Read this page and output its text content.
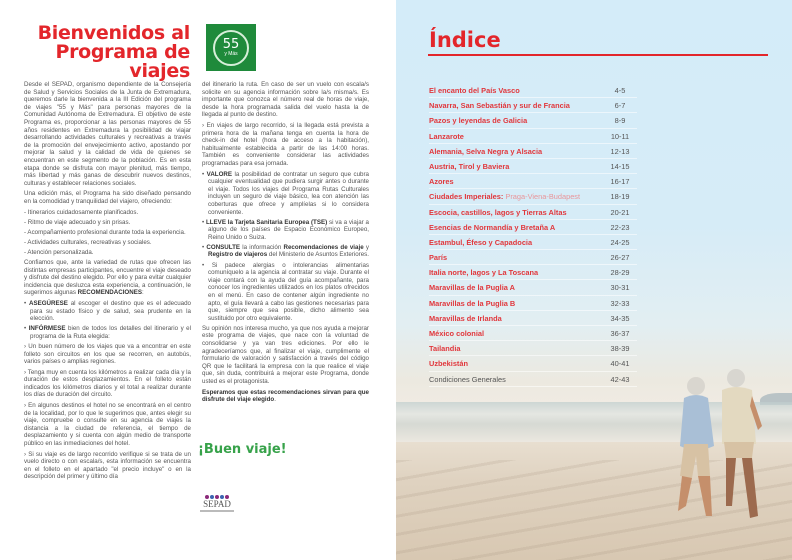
Bienvenidos al
Programa de
viajes
55
y Más

Desde el SEPAD, organismo dependiente de la Consejería de Salud y Servicios Sociales de la Junta de Extremadura, queremos darle la bienvenida a la III Edición del programa de viajes "55 y Más" para personas mayores de la Comunidad Autónoma de Extremadura. El objetivo de este Programa es, proporcionar a las personas mayores de 55 años residentes en Extremadura la posibilidad de viajar desarrollando actividades culturales y recreativas a través de la promoción del envejecimiento activo, apostando por mejorar la salud y la calidad de vida de quienes se encuentran en este segmento de la población. Es en esta etapa donde se disfruta con mayor plenitud, más tiempo, más libertad y más ganas de descubrir nuevos destinos, culturas y establecer relaciones sociales.

Una edición más, el Programa ha sido diseñado pensando en la comodidad y tranquilidad del viajero, ofreciendo:

- Itinerarios cuidadosamente planificados.
- Ritmo de viaje adecuado y sin prisas.
- Acompañamiento profesional durante toda la experiencia.
- Actividades culturales, recreativas y sociales.
- Atención personalizada.

Confiamos que, ante la variedad de rutas que ofrecen las distintas empresas participantes, encuentre el viaje deseado y disfrute del destino elegido. Por ello y para evitar cualquier incidencia que desluzca esta experiencia, a continuación, le sugerimos algunas RECOMENDACIONES:

• ASEGÚRESE al escoger el destino que es el adecuado para su estado físico y de salud, sea prudente en la elección.
• INFÓRMESE bien de todos los detalles del itinerario y el programa de la Ruta elegida:

› Un buen número de los viajes que va a encontrar en este folleto son circuitos en los que se recorren, en autobús, varios países o amplias regiones.

› Tenga muy en cuenta los kilómetros a realizar cada día y la duración de estos desplazamientos. En el folleto están indicados los kilómetros diarios y el total a realizar durante los días de duración del circuito.

› En algunos destinos el hotel no se encontrará en el centro de la localidad, por lo que le sugerimos que, antes elegir su viaje, compruebe o consulte en su agencia de viajes la distancia a la ciudad de referencia, el tiempo de desplazamiento y si cuenta con algún medio de transporte público en las inmediaciones del hotel.

› Si su viaje es de largo recorrido verifique si se trata de un vuelo directo o con escala/s, esta información se encuentra en el folleto en el apartado "el precio incluye" o en la descripción del primer y último día

del itinerario la ruta. En caso de ser un vuelo con escala/s solicite en su agencia información sobre la/s misma/s. Es importante que conozca el número real de horas de viaje, desde la hora programada salida del vuelo hasta la de llegada al punto de destino.

› En viajes de largo recorrido, si la llegada está prevista a primera hora de la mañana tenga en cuenta la hora de check-in del hotel (hora de acceso a la habitación), habitualmente establecida a partir de las 14:00 horas. También es conveniente considerar las actividades programadas para esa jornada.

• VALORE la posibilidad de contratar un seguro que cubra cualquier eventualidad que pudiera surgir antes o durante el viaje. Todos los viajes del Programa Rutas Culturales incluyen un seguro de viaje básico, lea con atención las coberturas que ofrece y amplíelas si lo considera conveniente.
• LLEVE la Tarjeta Sanitaria Europea (TSE) si va a viajar a alguno de los países de Espacio Económico Europeo, Reino Unido o Suiza.
• CONSULTE la información Recomendaciones de viaje y Registro de viajeros del Ministerio de Asuntos Exteriores.
• Si padece alergias o intolerancias alimentarias comuníquelo a la agencia al contratar su viaje. Durante el viaje contará con la ayuda del guía acompañante, para conocer los ingredientes utilizados en los platos ofrecidos en el menú. En caso de contener algún ingrediente no apto, el guía llevará a cabo las gestiones necesarias para que, siempre que sea posible, dicho alimento sea sustituido por otro equivalente.

Su opinión nos interesa mucho, ya que nos ayuda a mejorar este programa de viajes, que nace con la voluntad de consolidarse y ya van tres ediciones. Por ello le agradeceríamos que, al finalizar el viaje, cumplimente el formulario de valoración y satisfacción a través del código QR que le facilitará la empresa con la que realice el viaje que, sin duda, contribuirá a mejorar este Programa, donde usted es el protagonista.

Esperamos que estas recomendaciones sirvan para que disfrute del viaje elegido.

¡Buen viaje!
SEPAD
Índice
El encanto del País Vasco	4-5
Navarra, San Sebastián y sur de Francia	6-7
Pazos y leyendas de Galicia	8-9
Lanzarote	10-11
Alemania, Selva Negra y Alsacia	12-13
Austria, Tirol y Baviera	14-15
Azores	16-17
Ciudades Imperiales: Praga-Viena-Budapest	18-19
Escocia, castillos, lagos y Tierras Altas	20-21
Esencias de Normandía y Bretaña A	22-23
Estambul, Éfeso y Capadocia	24-25
París	26-27
Italia norte, lagos y La Toscana	28-29
Maravillas de la Puglia A	30-31
Maravillas de la Puglia B	32-33
Maravillas de Irlanda	34-35
México colonial	36-37
Tailandia	38-39
Uzbekistán	40-41
Condiciones Generales	42-43
